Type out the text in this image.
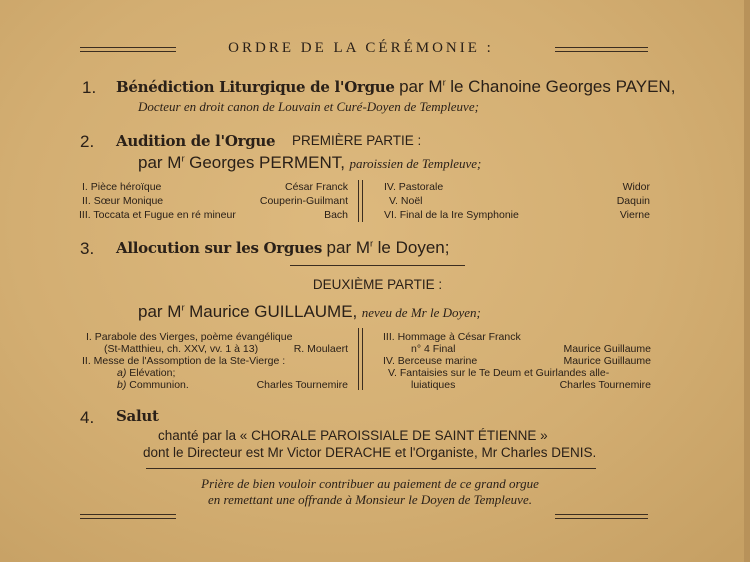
ORDRE DE LA CÉRÉMONIE :
1. Bénédiction Liturgique de l'Orgue par $M^r$ le Chanoine Georges PAYEN,
Docteur en droit canon de Louvain et Curé-Doyen de Templeuve;
2. Audition de l'Orgue PREMIÈRE PARTIE :
par $M^r$ Georges PERMENT, paroissien de Templeuve;
I. Pièce héroïque	César Franck
II. Sœur Monique	Couperin-Guilmant
III. Toccata et Fugue en ré mineur	Bach
IV. Pastorale	Widor
V. Noël	Daquin
VI. Final de la Ire Symphonie	Vierne
3. Allocution sur les Orgues par $M^r$ le Doyen;
DEUXIÈME PARTIE :
par $M^r$ Maurice GUILLAUME, neveu de Mr le Doyen;
I. Parabole des Vierges, poème évangélique
(St-Matthieu, ch. XXV, vv. 1 à 13)	R. Moulaert
II. Messe de l'Assomption de la Ste-Vierge :
a) Elévation;
b) Communion.	Charles Tournemire
III. Hommage à César Franck
n° 4 Final	Maurice Guillaume
IV. Berceuse marine	Maurice Guillaume
V. Fantaisies sur le Te Deum et Guirlandes alle-
luiatiques	Charles Tournemire
4. Salut
chanté par la « CHORALE PAROISSIALE DE SAINT ÉTIENNE »
dont le Directeur est Mr Victor DERACHE et l'Organiste, Mr Charles DENIS.
Prière de bien vouloir contribuer au paiement de ce grand orgue
en remettant une offrande à Monsieur le Doyen de Templeuve.
